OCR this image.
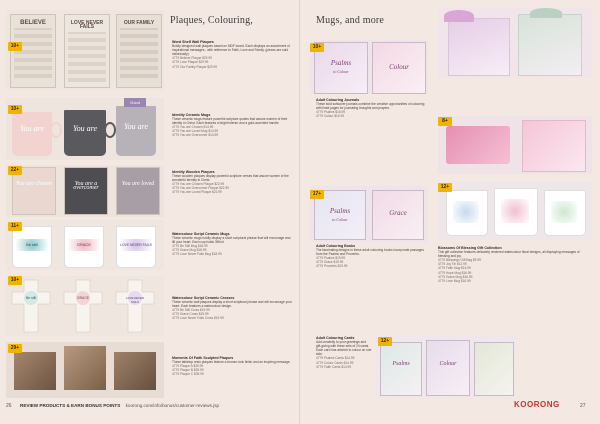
Plaques, Colouring,	Mugs, and more
BELIEVE	LOVE NEVER FAILS
OUR FAMILY
10+
Word Shelf Wall Plaques
Boldly designed wall plaques based on MDF board. Each displays an assortment of inspirational messages - with reference to Faith, Love and Family. (pieces are sold individually).
4779 Believe Plaque $29.99
4779 Love Plaque $29.99
4779 Our Family Plaque $29.99
You are	You are	You are
Good
10+
Identity Ceramic Mugs
These ceramic mugs feature powerful scripture quotes that assure women of their identity in Christ. Each features a bright interior and a gold-accented handle.
4779 You are Chosen $14.99
4779 You are Loved Mug $14.99
4779 You are Overcomer $14.99
You are chosen	You are a overcomer
You are loved
22+	Identity Wooden Plaques
These wooden plaques display powerful scripture verses that assure women of the wonderful identity in Christ.
4779 You are Chosen Plaque $22.99
4779 You are Overcomer Plaque $22.99
4779 You are Loved Plaque $22.99
Be still	GRACE	LOVE NEVER FAILS
11+
Watercolour Script Ceramic Mugs
These ceramic mugs boldly display a short scriptural phrase that will encourage and lift your heart. Each cup holds 350ml.
4779 Be Still Mug $18.99
4779 Grace Mug $18.99
4779 Love Never Fails Mug $18.99
Be still	GRACE	LOVE NEVER FAILS
10+
Watercolour Script Ceramic Crosses
These ceramic wall plaques display a short scriptural phrase and will encourage your heart. Each features a watercolour design.
4779 Be Still Cross $19.99
4779 Grace Cross $19.99
4779 Love Never Fails Cross $19.99
29+
Moments Of Faith Sculpted Plaques
These tabletop resin plaques feature a bronze-look finish and an inspiring message.
4779 Plaque A $39.99
4779 Plaque B $39.99
4779 Plaque C $39.99
Psalms
to Colour
Colour
10+
Adult Colouring Journals
These bold softcover journals combine the creative opportunities of colouring with lined pages for journaling thoughts and prayers.
4779 Psalms $16.99
4779 Colour $16.99
Psalms
to Colour
Grace
17+
Adult Colouring Books
The fascinating designs in these adult colouring books incorporate passages from the Psalms and Proverbs.
4779 Psalms $19.99
4779 Grace $19.99
4779 Proverbs $19.99
Adult Colouring Cards
Add creativity to your greetings and gift-giving with these sets of 24 cards. Each card has artwork to colour on one side.
4779 Psalms Cards $14.99
4779 Colour Cards $14.99
4779 Faith Cards $14.99	Psalms	Colour
12+
8+
12+
Blossoms Of Blessing Gift Collection
This gift collection features delicately rendered watercolour floral designs, all displaying messages of blessing and joy.
4779 Blessings Gift Bag $9.99
4779 Joy Tin $12.99
4779 Faith Mug $16.99
4779 Hope Mug $16.99
4779 Grace Mug $16.99
4779 Love Mug $16.99
26 REVIEW PRODUCTS & EARN BONUS POINTS koorong.com/info/bonus/customer-reviews.jsp	KOORONG	27
